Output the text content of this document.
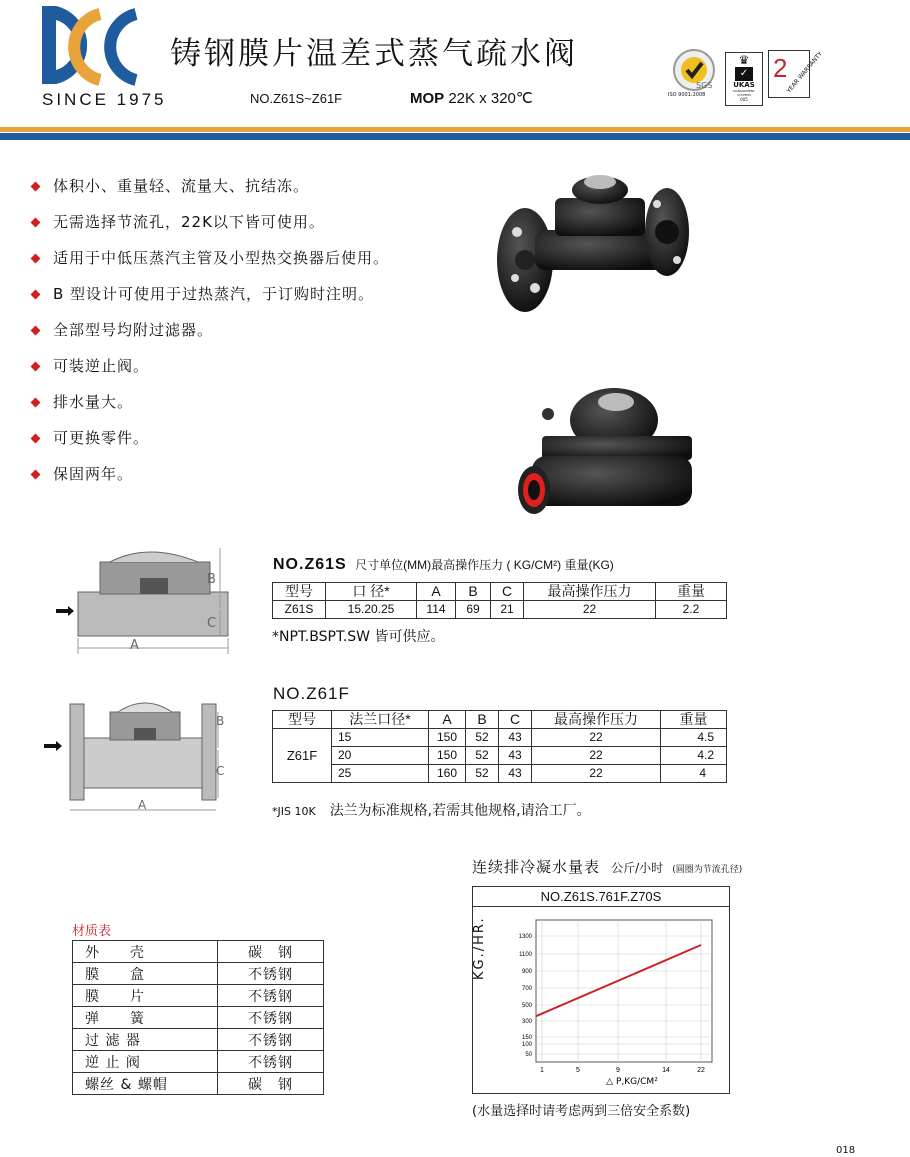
SINCE 1975
铸钢膜片温差式蒸气疏水阀
NO.Z61S~Z61F	MOP 22K x 320℃
SGS
ISO 9001:2008
♛
✓
UKAS
MANAGEMENT SYSTEMS
005
2
YEAR WARRANTY
体积小、重量轻、流量大、抗结冻。
无需选择节流孔，22K以下皆可使用。
适用于中低压蒸汽主管及小型热交换器后使用。
B 型设计可使用于过热蒸汽，于订购时注明。
全部型号均附过滤器。
可装逆止阀。
排水量大。
可更换零件。
保固两年。
A
B
C
NO.Z61S 尺寸单位(MM)最高操作压力 ( KG/CM²) 重量(KG)
型号	口 径*	A	B	C	最高操作压力	重量
Z61S	15.20.25	114	69	21	22	2.2
*NPT.BSPT.SW 皆可供应。
A
B
C
NO.Z61F
型号	法兰口径*	A	B	C	最高操作压力	重量
Z61F	15	150	52	43	22	4.5
	20	150	52	43	22	4.2
	25	160	52	43	22	4
*JIS 10K 法兰为标准规格,若需其他规格,请洽工厂。
材质表
外　　壳	碳　钢
膜　　盒	不锈钢
膜　　片	不锈钢
弹　　簧	不锈钢
过 滤 器	不锈钢
逆 止 阀	不锈钢
螺丝 & 螺帽	碳　钢
连续排冷凝水量表 公斤/小时 (圆圈为节流孔径)
NO.Z61S.761F.Z70S
KG./HR.
1	5	9	14	22
50
100
150
300
500
700
900
1100
1300
△ P,KG/CM²
(水量选择时请考虑两到三倍安全系数)
018
